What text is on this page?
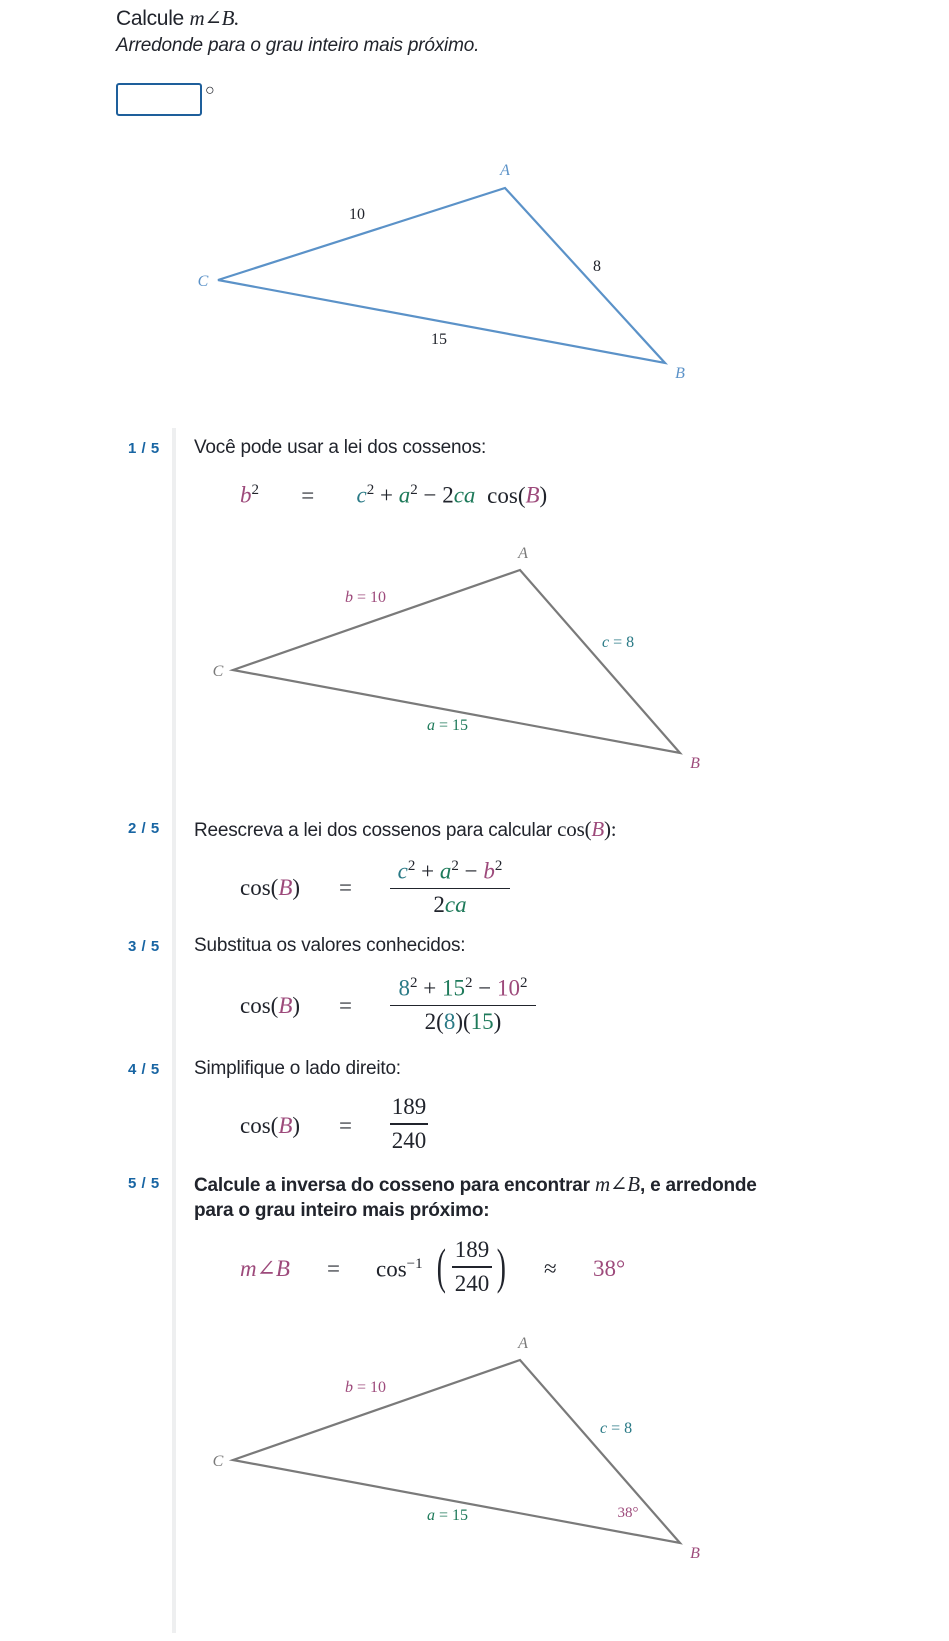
Calcule m∠B.
Arredonde para o grau inteiro mais próximo.
○
A
B
C
10
8
15
1 / 5 Você pode usar a lei dos cossenos:
$b^2 = c^2 + a^2 - 2ca$ cos(B)
A
B
C
b = 10
c = 8
a = 15
2 / 5 Reescreva a lei dos cossenos para calcular cos(B):
cos(B) =
$c^2 + a^2 - b^2$
2ca
3 / 5 Substitua os valores conhecidos:
cos(B) =
$8^2 + 15^2 - 10^2$
2(8)(15)
4 / 5 Simplifique o lado direito:
cos(B) =
189
240
5 / 5 Calcule a inversa do cosseno para encontrar m∠B, e arredonde
para o grau inteiro mais próximo:
m∠B = $\cos^{-1}$ ( 189
240 ) ≈ 38°
A
B
C
b = 10
c = 8
a = 15	38°
